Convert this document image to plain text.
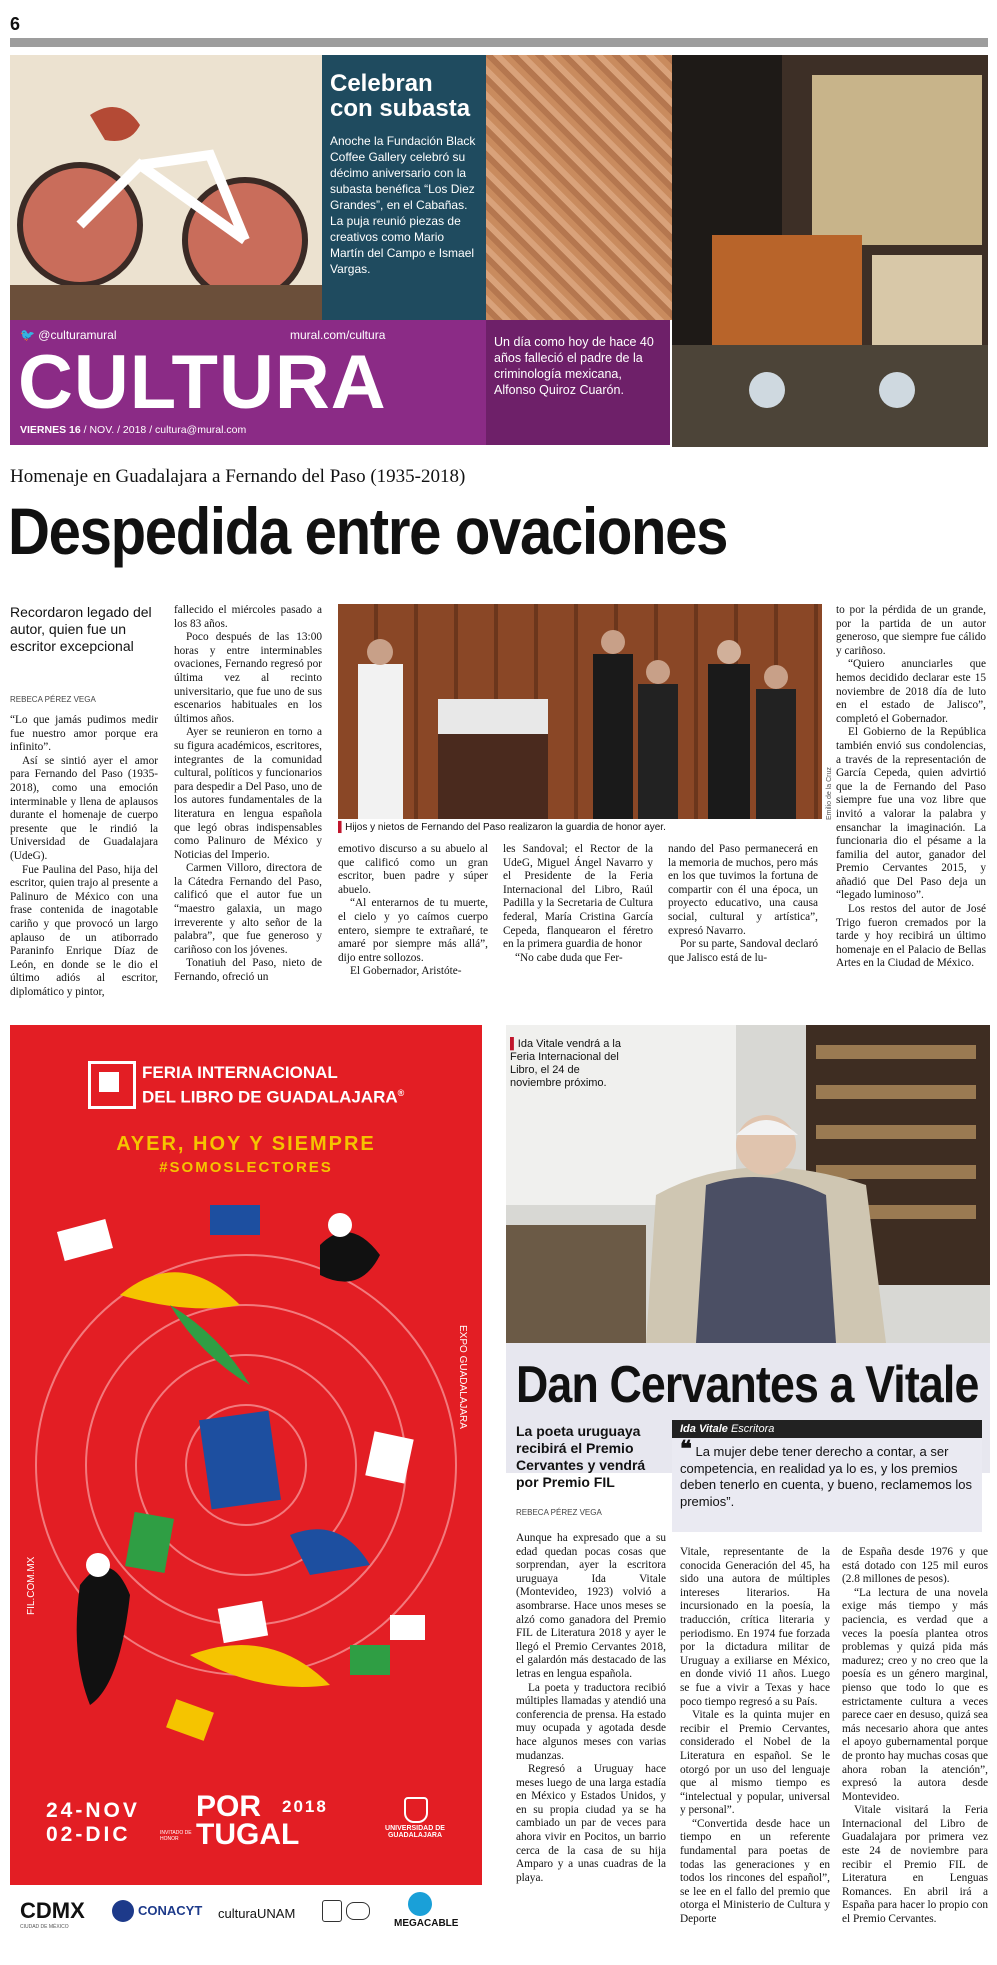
6
Celebran con subasta
Anoche la Fundación Black Coffee Gallery celebró su décimo aniversario con la subasta benéfica “Los Diez Grandes”, en el Cabañas. La puja reunió piezas de creativos como Mario Martín del Campo e Ismael Vargas.
🐦 @culturamural	mural.com/cultura
CULTURA
VIERNES 16 / NOV. / 2018 / cultura@mural.com
Un día como hoy de hace 40 años falleció el padre de la criminología mexicana, Alfonso Quiroz Cuarón.
Homenaje en Guadalajara a Fernando del Paso (1935-2018)
Despedida entre ovaciones
Recordaron legado del autor, quien fue un escritor excepcional
REBECA PÉREZ VEGA

“Lo que jamás pudimos medir fue nuestro amor porque era infinito”.

Así se sintió ayer el amor para Fernando del Paso (1935-2018), como una emoción interminable y llena de aplausos durante el homenaje de cuerpo presente que le rindió la Universidad de Guadalajara (UdeG).

Fue Paulina del Paso, hija del escritor, quien trajo al presente a Palinuro de México con una frase contenida de inagotable cariño y que provocó un largo aplauso de un atiborrado Paraninfo Enrique Díaz de León, en donde se le dio el último adiós al escritor, diplomático y pintor,

fallecido el miércoles pasado a los 83 años.

Poco después de las 13:00 horas y entre interminables ovaciones, Fernando regresó por última vez al recinto universitario, que fue uno de sus escenarios habituales en los últimos años.

Ayer se reunieron en torno a su figura académicos, escritores, integrantes de la comunidad cultural, políticos y funcionarios para despedir a Del Paso, uno de los autores fundamentales de la literatura en lengua española que legó obras indispensables como Palinuro de México y Noticias del Imperio.

Carmen Villoro, directora de la Cátedra Fernando del Paso, calificó que el autor fue un “maestro galaxia, un mago irreverente y alto señor de la palabra”, que fue generoso y cariñoso con los jóvenes.

Tonatiuh del Paso, nieto de Fernando, ofreció un

Emilio de la Cruz
▌Hijos y nietos de Fernando del Paso realizaron la guardia de honor ayer.

emotivo discurso a su abuelo al que calificó como un gran escritor, buen padre y súper abuelo.

“Al enterarnos de tu muerte, el cielo y yo caímos cuerpo entero, siempre te extrañaré, te amaré por siempre más allá”, dijo entre sollozos.

El Gobernador, Aristóte-

les Sandoval; el Rector de la UdeG, Miguel Ángel Navarro y el Presidente de la Feria Internacional del Libro, Raúl Padilla y la Secretaria de Cultura federal, María Cristina García Cepeda, flanquearon el féretro en la primera guardia de honor

“No cabe duda que Fer-

nando del Paso permanecerá en la memoria de muchos, pero más en los que tuvimos la fortuna de compartir con él una época, un proyecto educativo, una causa social, cultural y artística”, expresó Navarro.

Por su parte, Sandoval declaró que Jalisco está de lu-

to por la pérdida de un grande, por la partida de un autor generoso, que siempre fue cálido y cariñoso.

“Quiero anunciarles que hemos decidido declarar este 15 noviembre de 2018 día de luto en el estado de Jalisco”, completó el Gobernador.

El Gobierno de la República también envió sus condolencias, a través de la representación de García Cepeda, quien advirtió que la de Fernando del Paso siempre fue una voz libre que invitó a valorar la palabra y ensanchar la imaginación. La funcionaria dio el pésame a la familia del autor, ganador del Premio Cervantes 2015, y añadió que Del Paso deja un “legado luminoso”.

Los restos del autor de José Trigo fueron cremados por la tarde y hoy recibirá un último homenaje en el Palacio de Bellas Artes en la Ciudad de México.

FERIA INTERNACIONAL
DEL LIBRO DE GUADALAJARA®
AYER, HOY Y SIEMPRE
#SOMOSLECTORES
FIL.COM.MX
EXPO GUADALAJARA
24-NOV
02-DIC
POR
TUGAL
INVITADO DE HONOR
2018
UNIVERSIDAD DE GUADALAJARA
CDMX
CIUDAD DE MÉXICO
CONACYT culturaUNAM
MEGACABLE
▌Ida Vitale vendrá a la Feria Internacional del Libro, el 24 de noviembre próximo.
Dan Cervantes a Vitale
La poeta uruguaya recibirá el Premio Cervantes y vendrá por Premio FIL
REBECA PÉREZ VEGA
Ida Vitale Escritora
❝ La mujer debe tener derecho a contar, a ser competencia, en realidad ya lo es, y los premios deben tenerlo en cuenta, y bueno, reclamemos los premios”.

Aunque ha expresado que a su edad quedan pocas cosas que sorprendan, ayer la escritora uruguaya Ida Vitale (Montevideo, 1923) volvió a asombrarse. Hace unos meses se alzó como ganadora del Premio FIL de Literatura 2018 y ayer le llegó el Premio Cervantes 2018, el galardón más destacado de las letras en lengua española.

La poeta y traductora recibió múltiples llamadas y atendió una conferencia de prensa. Ha estado muy ocupada y agotada desde hace algunos meses con varias mudanzas.

Regresó a Uruguay hace meses luego de una larga estadía en México y Estados Unidos, y en su propia ciudad ya se ha cambiado un par de veces para ahora vivir en Pocitos, un barrio cerca de la casa de su hija Amparo y a unas cuadras de la playa.

Vitale, representante de la conocida Generación del 45, ha sido una autora de múltiples intereses literarios. Ha incursionado en la poesía, la traducción, crítica literaria y periodismo. En 1974 fue forzada por la dictadura militar de Uruguay a exiliarse en México, en donde vivió 11 años. Luego se fue a vivir a Texas y hace poco tiempo regresó a su País.

Vitale es la quinta mujer en recibir el Premio Cervantes, considerado el Nobel de la Literatura en español. Se le otorgó por un uso del lenguaje que al mismo tiempo es “intelectual y popular, universal y personal”.

“Convertida desde hace un tiempo en un referente fundamental para poetas de todas las generaciones y en todos los rincones del español”, se lee en el fallo del premio que otorga el Ministerio de Cultura y Deporte

de España desde 1976 y que está dotado con 125 mil euros (2.8 millones de pesos).

“La lectura de una novela exige más tiempo y más paciencia, es verdad que a veces la poesía plantea otros problemas y quizá pida más madurez; creo y no creo que la poesía es un género marginal, pienso que todo lo que es estrictamente cultura a veces parece caer en desuso, quizá sea más necesario ahora que antes el apoyo gubernamental porque de pronto hay muchas cosas que ahora roban la atención”, expresó la autora desde Montevideo.

Vitale visitará la Feria Internacional del Libro de Guadalajara por primera vez este 24 de noviembre para recibir el Premio FIL de Literatura en Lenguas Romances. En abril irá a España para hacer lo propio con el Premio Cervantes.
